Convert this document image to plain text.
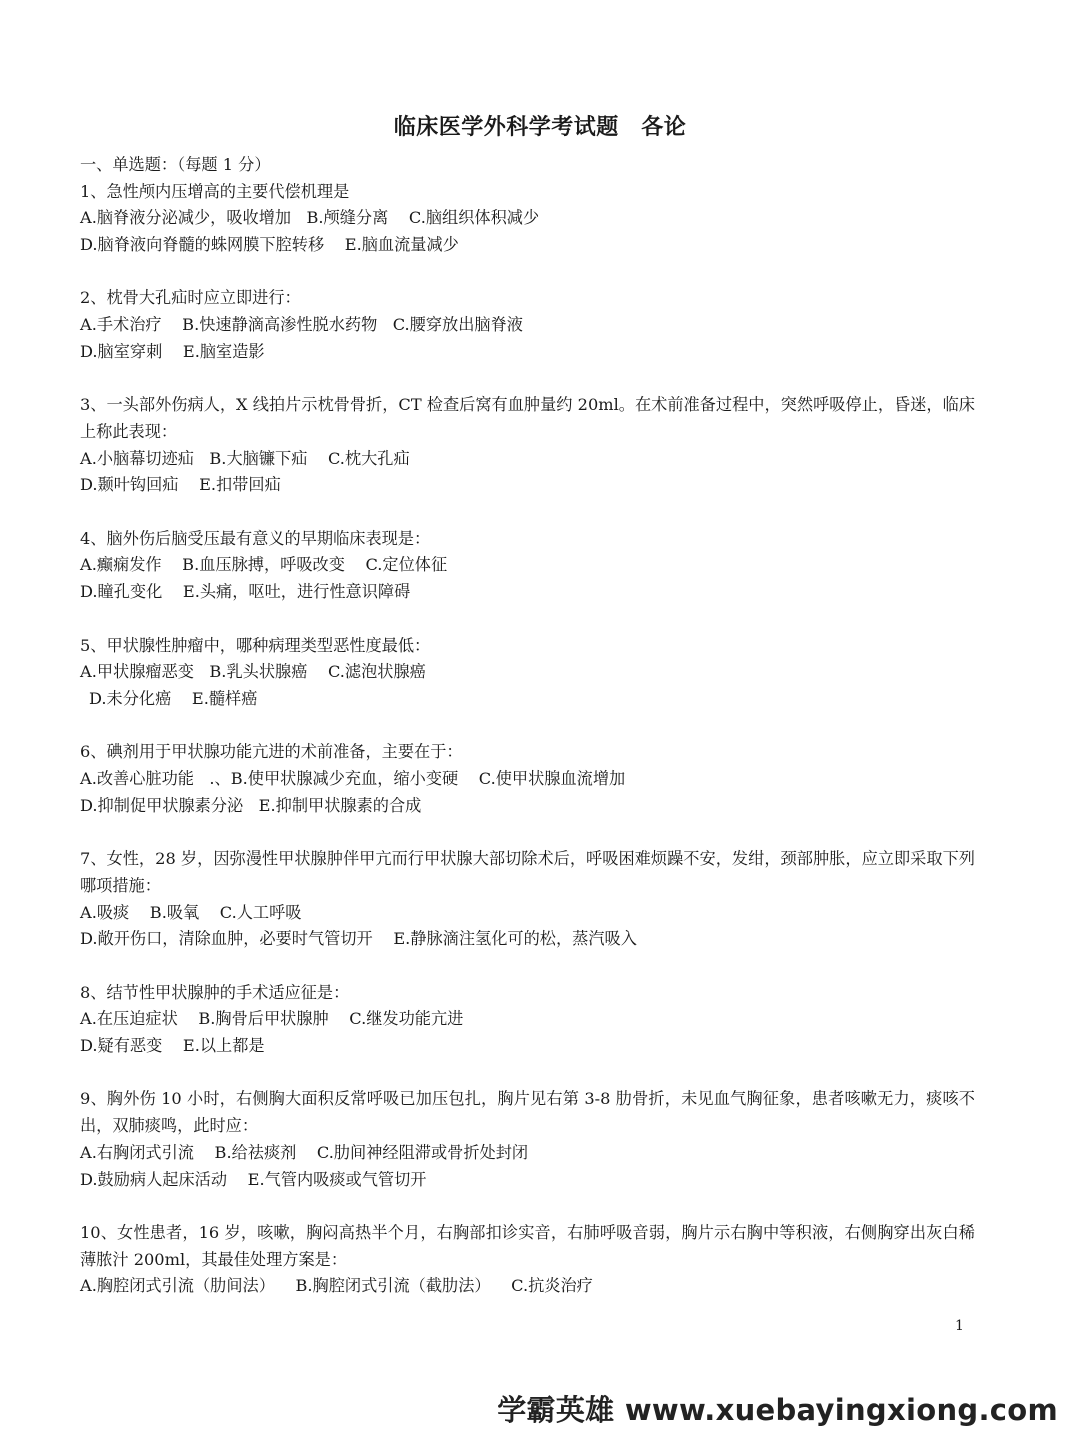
临床医学外科学考试题　各论

一、单选题：（每题 1 分）

1、急性颅内压增高的主要代偿机理是

A.脑脊液分泌减少，吸收增加   B.颅缝分离    C.脑组织体积减少

D.脑脊液向脊髓的蛛网膜下腔转移    E.脑血流量减少

2、枕骨大孔疝时应立即进行：

A.手术治疗    B.快速静滴高渗性脱水药物   C.腰穿放出脑脊液

D.脑室穿刺    E.脑室造影

3、一头部外伤病人，X 线拍片示枕骨骨折，CT 检查后窝有血肿量约 20ml。在术前准备过程中，突然呼吸停止，昏迷，临床上称此表现：

A.小脑幕切迹疝   B.大脑镰下疝    C.枕大孔疝

D.颞叶钩回疝    E.扣带回疝

4、脑外伤后脑受压最有意义的早期临床表现是：

A.癫痫发作    B.血压脉搏，呼吸改变    C.定位体征

D.瞳孔变化    E.头痛，呕吐，进行性意识障碍

5、甲状腺性肿瘤中，哪种病理类型恶性度最低：

A.甲状腺瘤恶变   B.乳头状腺癌    C.滤泡状腺癌

D.未分化癌    E.髓样癌

6、碘剂用于甲状腺功能亢进的术前准备，主要在于：

A.改善心脏功能   .、B.使甲状腺减少充血，缩小变硬    C.使甲状腺血流增加

D.抑制促甲状腺素分泌   E.抑制甲状腺素的合成

7、女性，28 岁，因弥漫性甲状腺肿伴甲亢而行甲状腺大部切除术后，呼吸困难烦躁不安，发绀，颈部肿胀，应立即采取下列哪项措施：

A.吸痰    B.吸氧    C.人工呼吸

D.敞开伤口，清除血肿，必要时气管切开    E.静脉滴注氢化可的松，蒸汽吸入

8、结节性甲状腺肿的手术适应征是：

A.在压迫症状    B.胸骨后甲状腺肿    C.继发功能亢进

D.疑有恶变    E.以上都是

9、胸外伤 10 小时，右侧胸大面积反常呼吸已加压包扎，胸片见右第 3-8 肋骨折，未见血气胸征象，患者咳嗽无力，痰咳不出，双肺痰鸣，此时应：

A.右胸闭式引流    B.给祛痰剂    C.肋间神经阻滞或骨折处封闭

D.鼓励病人起床活动    E.气管内吸痰或气管切开

10、女性患者，16 岁，咳嗽，胸闷高热半个月，右胸部扣诊实音，右肺呼吸音弱，胸片示右胸中等积液，右侧胸穿出灰白稀薄脓汁 200ml，其最佳处理方案是：

A.胸腔闭式引流（肋间法）    B.胸腔闭式引流（截肋法）    C.抗炎治疗

1
学霸英雄 www.xuebayingxiong.com
